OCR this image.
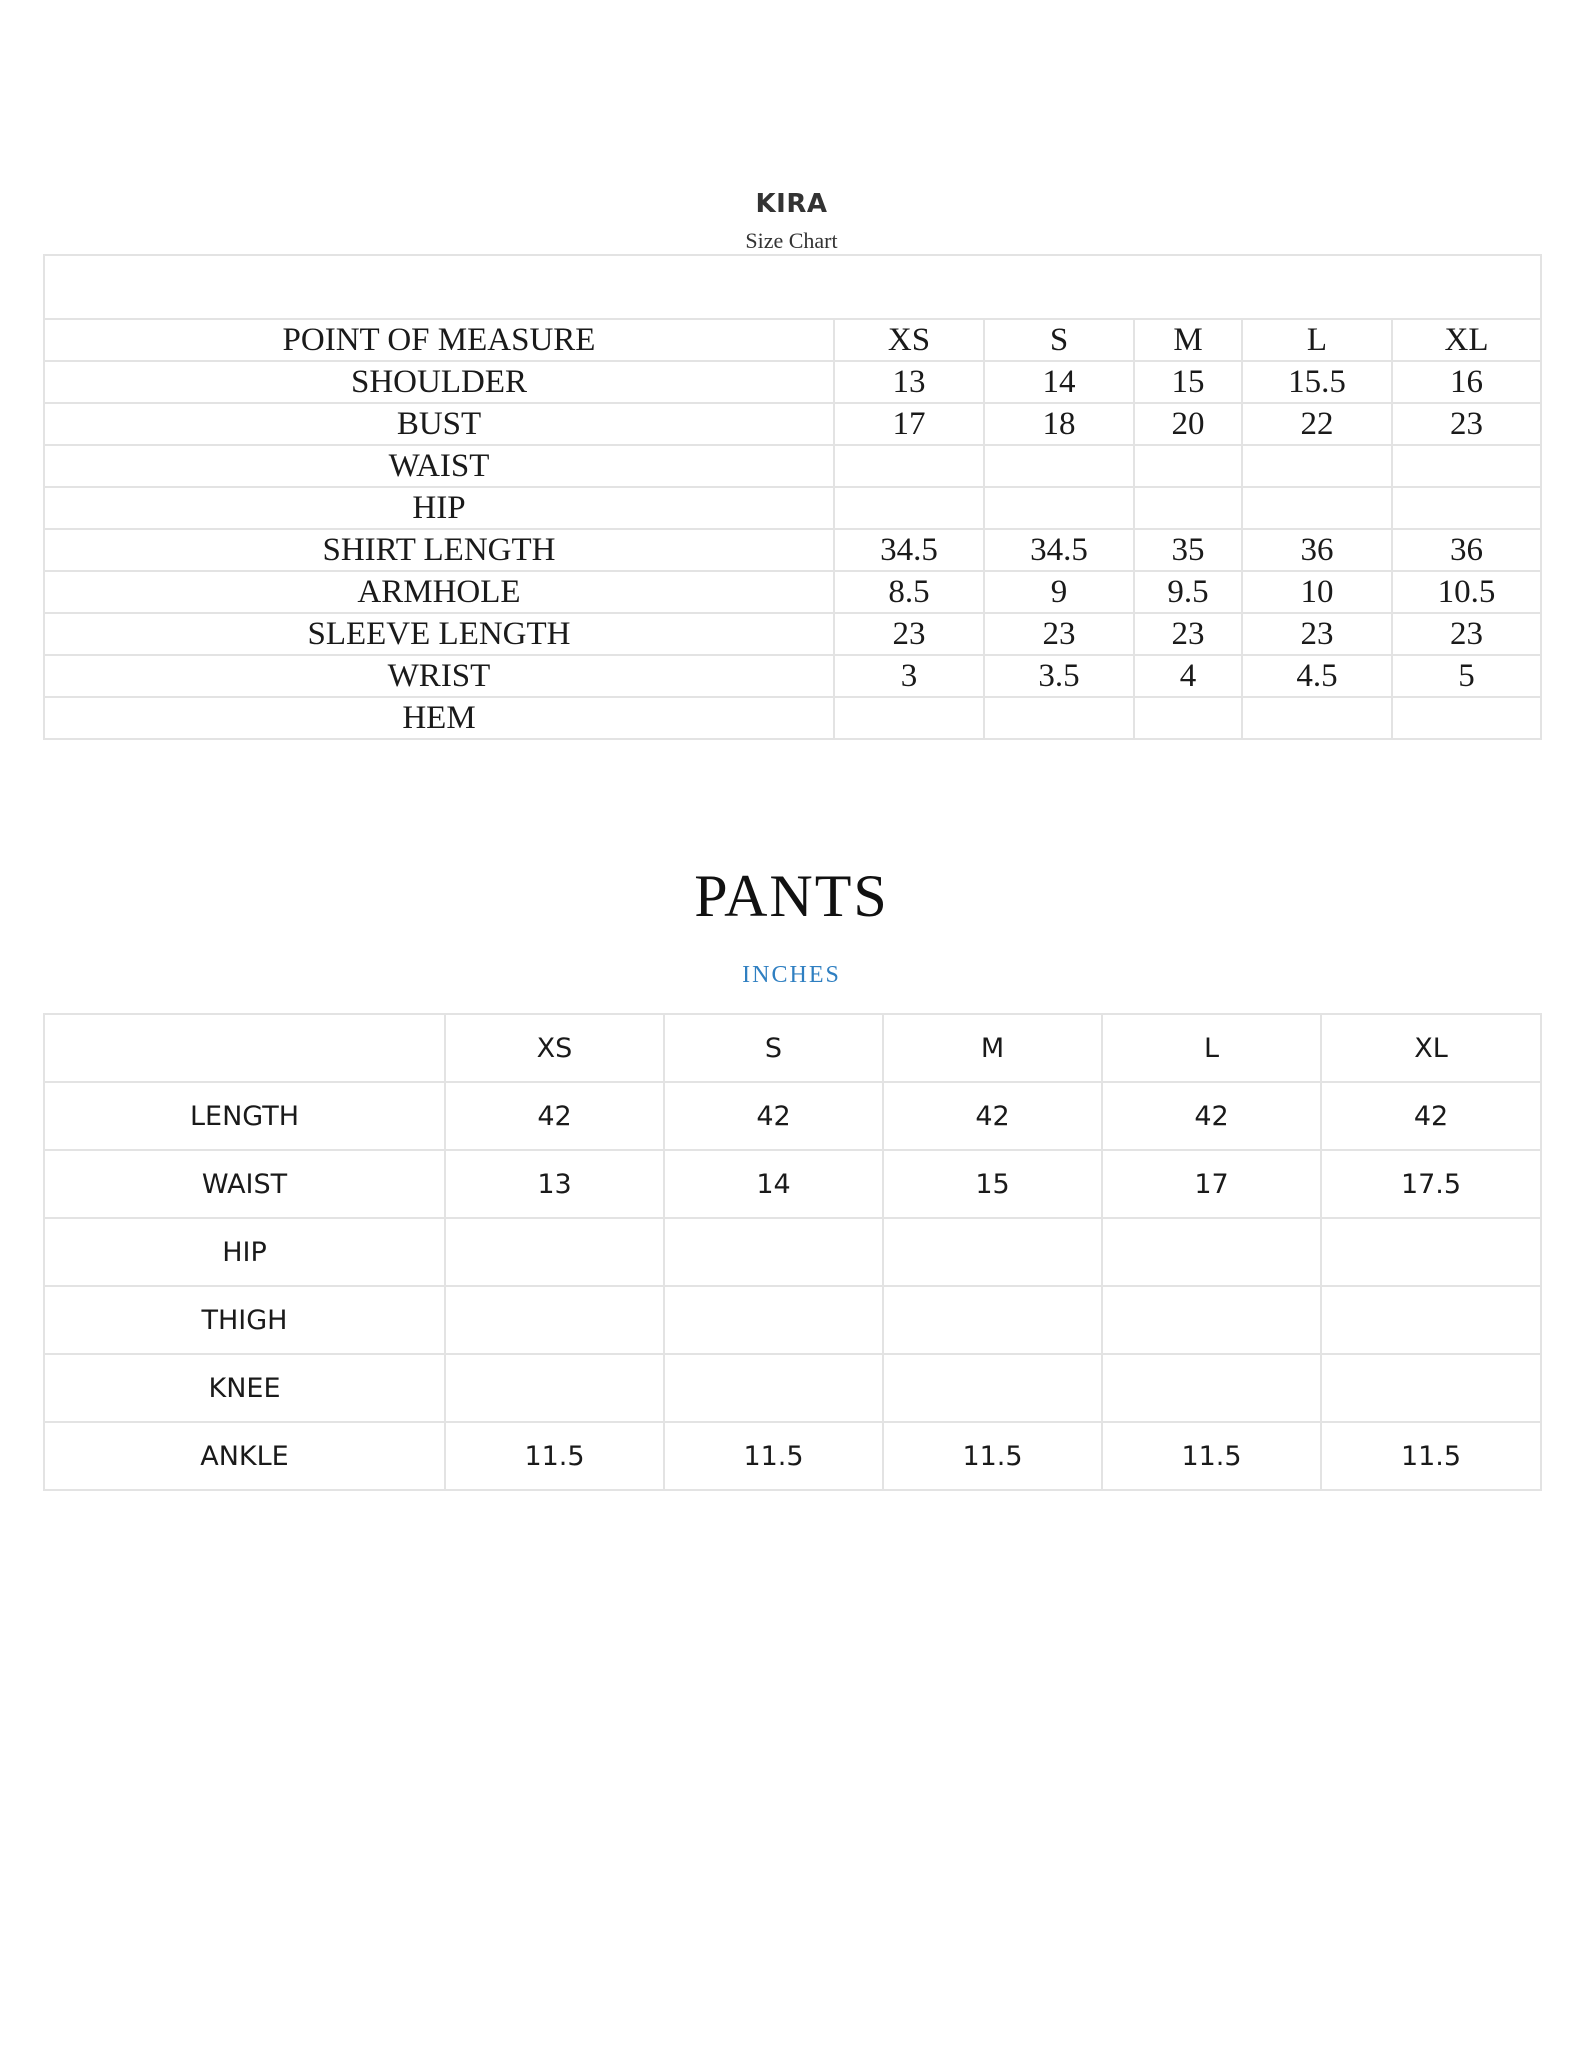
KIRA
Size Chart

POINT OF MEASURE	XS	S	M	L	XL
SHOULDER	13	14	15	15.5	16
BUST	17	18	20	22	23
WAIST					
HIP					
SHIRT LENGTH	34.5	34.5	35	36	36
ARMHOLE	8.5	9	9.5	10	10.5
SLEEVE LENGTH	23	23	23	23	23
WRIST	3	3.5	4	4.5	5
HEM					
PANTS
INCHES
	XS	S	M	L	XL
LENGTH	42	42	42	42	42
WAIST	13	14	15	17	17.5
HIP					
THIGH					
KNEE					
ANKLE	11.5	11.5	11.5	11.5	11.5
